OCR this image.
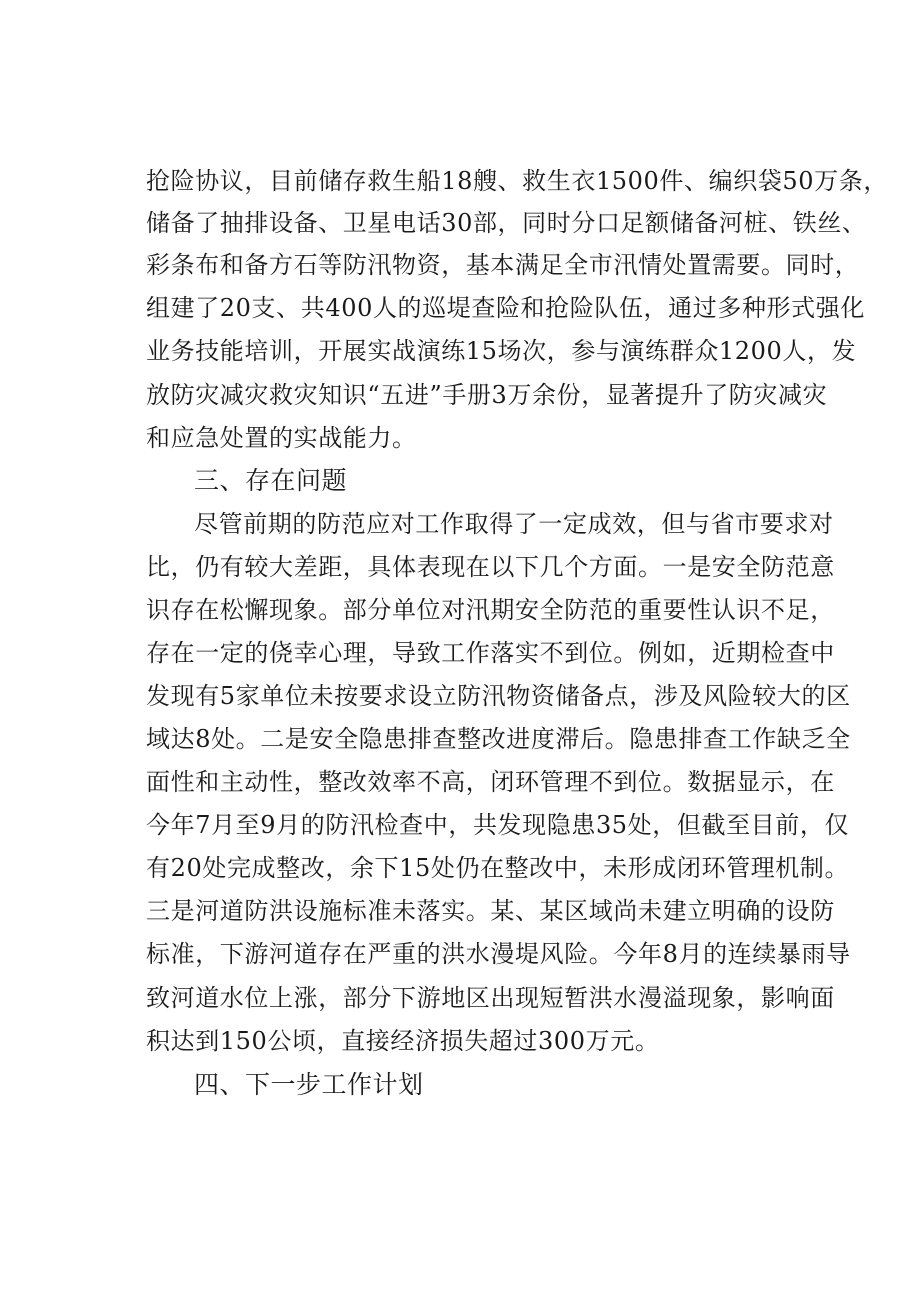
抢险协议，目前储存救生船18艘、救生衣1500件、编织袋50万条，
储备了抽排设备、卫星电话30部，同时分口足额储备河桩、铁丝、
彩条布和备方石等防汛物资，基本满足全市汛情处置需要。同时，
组建了20支、共400人的巡堤查险和抢险队伍，通过多种形式强化
业务技能培训，开展实战演练15场次，参与演练群众1200人，发
放防灾减灾救灾知识“五进”手册3万余份，显著提升了防灾减灾
和应急处置的实战能力。
三、存在问题
尽管前期的防范应对工作取得了一定成效，但与省市要求对
比，仍有较大差距，具体表现在以下几个方面。一是安全防范意
识存在松懈现象。部分单位对汛期安全防范的重要性认识不足，
存在一定的侥幸心理，导致工作落实不到位。例如，近期检查中
发现有5家单位未按要求设立防汛物资储备点，涉及风险较大的区
域达8处。二是安全隐患排查整改进度滞后。隐患排查工作缺乏全
面性和主动性，整改效率不高，闭环管理不到位。数据显示，在
今年7月至9月的防汛检查中，共发现隐患35处，但截至目前，仅
有20处完成整改，余下15处仍在整改中，未形成闭环管理机制。
三是河道防洪设施标准未落实。某、某区域尚未建立明确的设防
标准，下游河道存在严重的洪水漫堤风险。今年8月的连续暴雨导
致河道水位上涨，部分下游地区出现短暂洪水漫溢现象，影响面
积达到150公顷，直接经济损失超过300万元。
四、下一步工作计划
